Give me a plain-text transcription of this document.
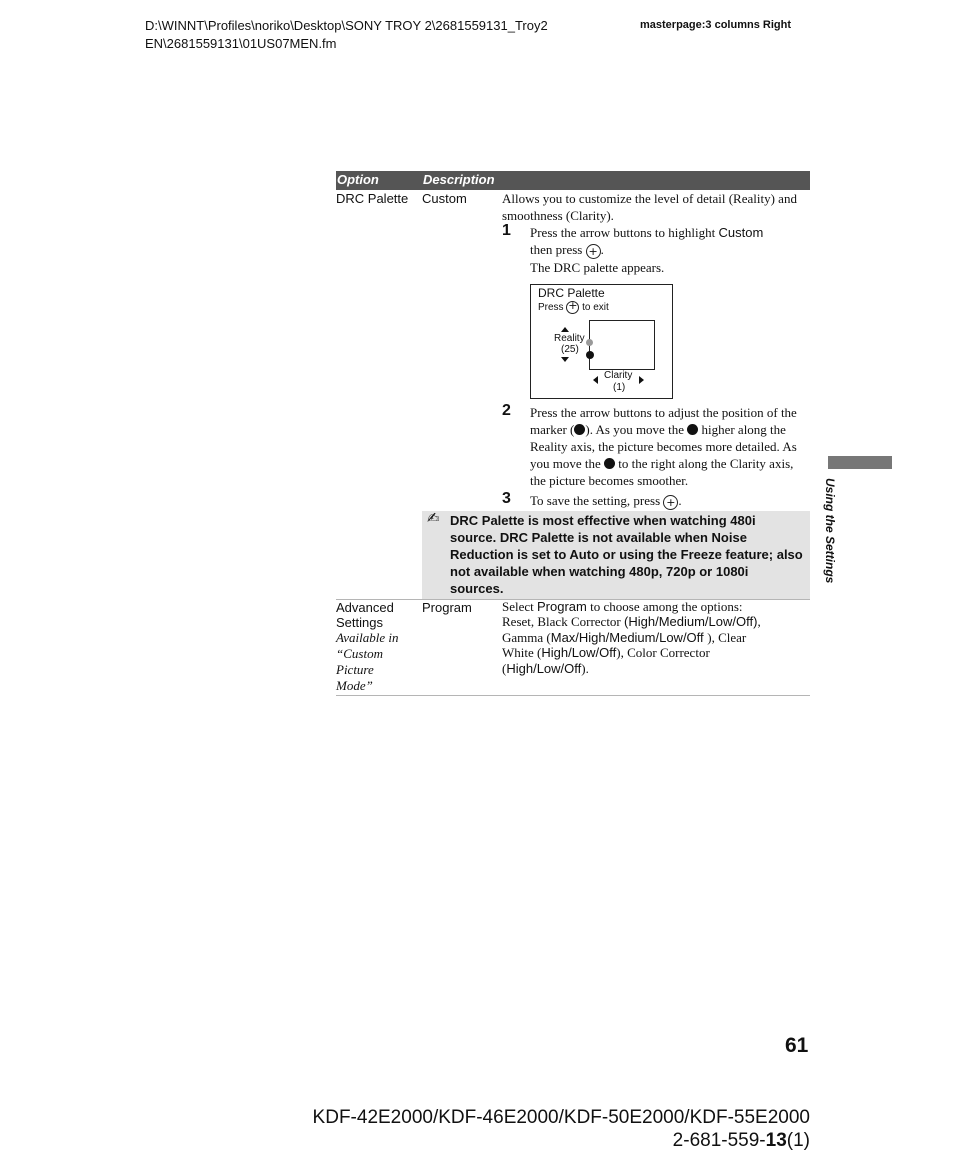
D:\WINNT\Profiles\noriko\Desktop\SONY TROY 2\2681559131_Troy2
EN\2681559131\01US07MEN.fm
masterpage:3 columns Right
Option	Description
DRC Palette Custom	Allows you to customize the level of detail (Reality) and smoothness (Clarity).
1 Press the arrow buttons to highlight Custom
then press + .
The DRC palette appears.
DRC Palette
Press + to exit
Reality
(25)
Clarity
(1)
2 Press the arrow buttons to adjust the position of the marker ( ). As you move the  higher along the Reality axis, the picture becomes more detailed. As you move the  to the right along the Clarity axis, the picture becomes smoother.
3 To save the setting, press + .
✍ DRC Palette is most effective when watching 480i source. DRC Palette is not available when Noise Reduction is set to Auto or using the Freeze feature; also not available when watching 480p, 720p or 1080i sources.
Advanced
Settings
Available in
“Custom
Picture
Mode”
Program Select Program to choose among the options:
Reset, Black Corrector (High/Medium/Low/Off),
Gamma (Max/High/Medium/Low/Off ), Clear
White (High/Low/Off), Color Corrector
(High/Low/Off).
Using the Settings
61
KDF-42E2000/KDF-46E2000/KDF-50E2000/KDF-55E2000
2-681-559-13(1)
